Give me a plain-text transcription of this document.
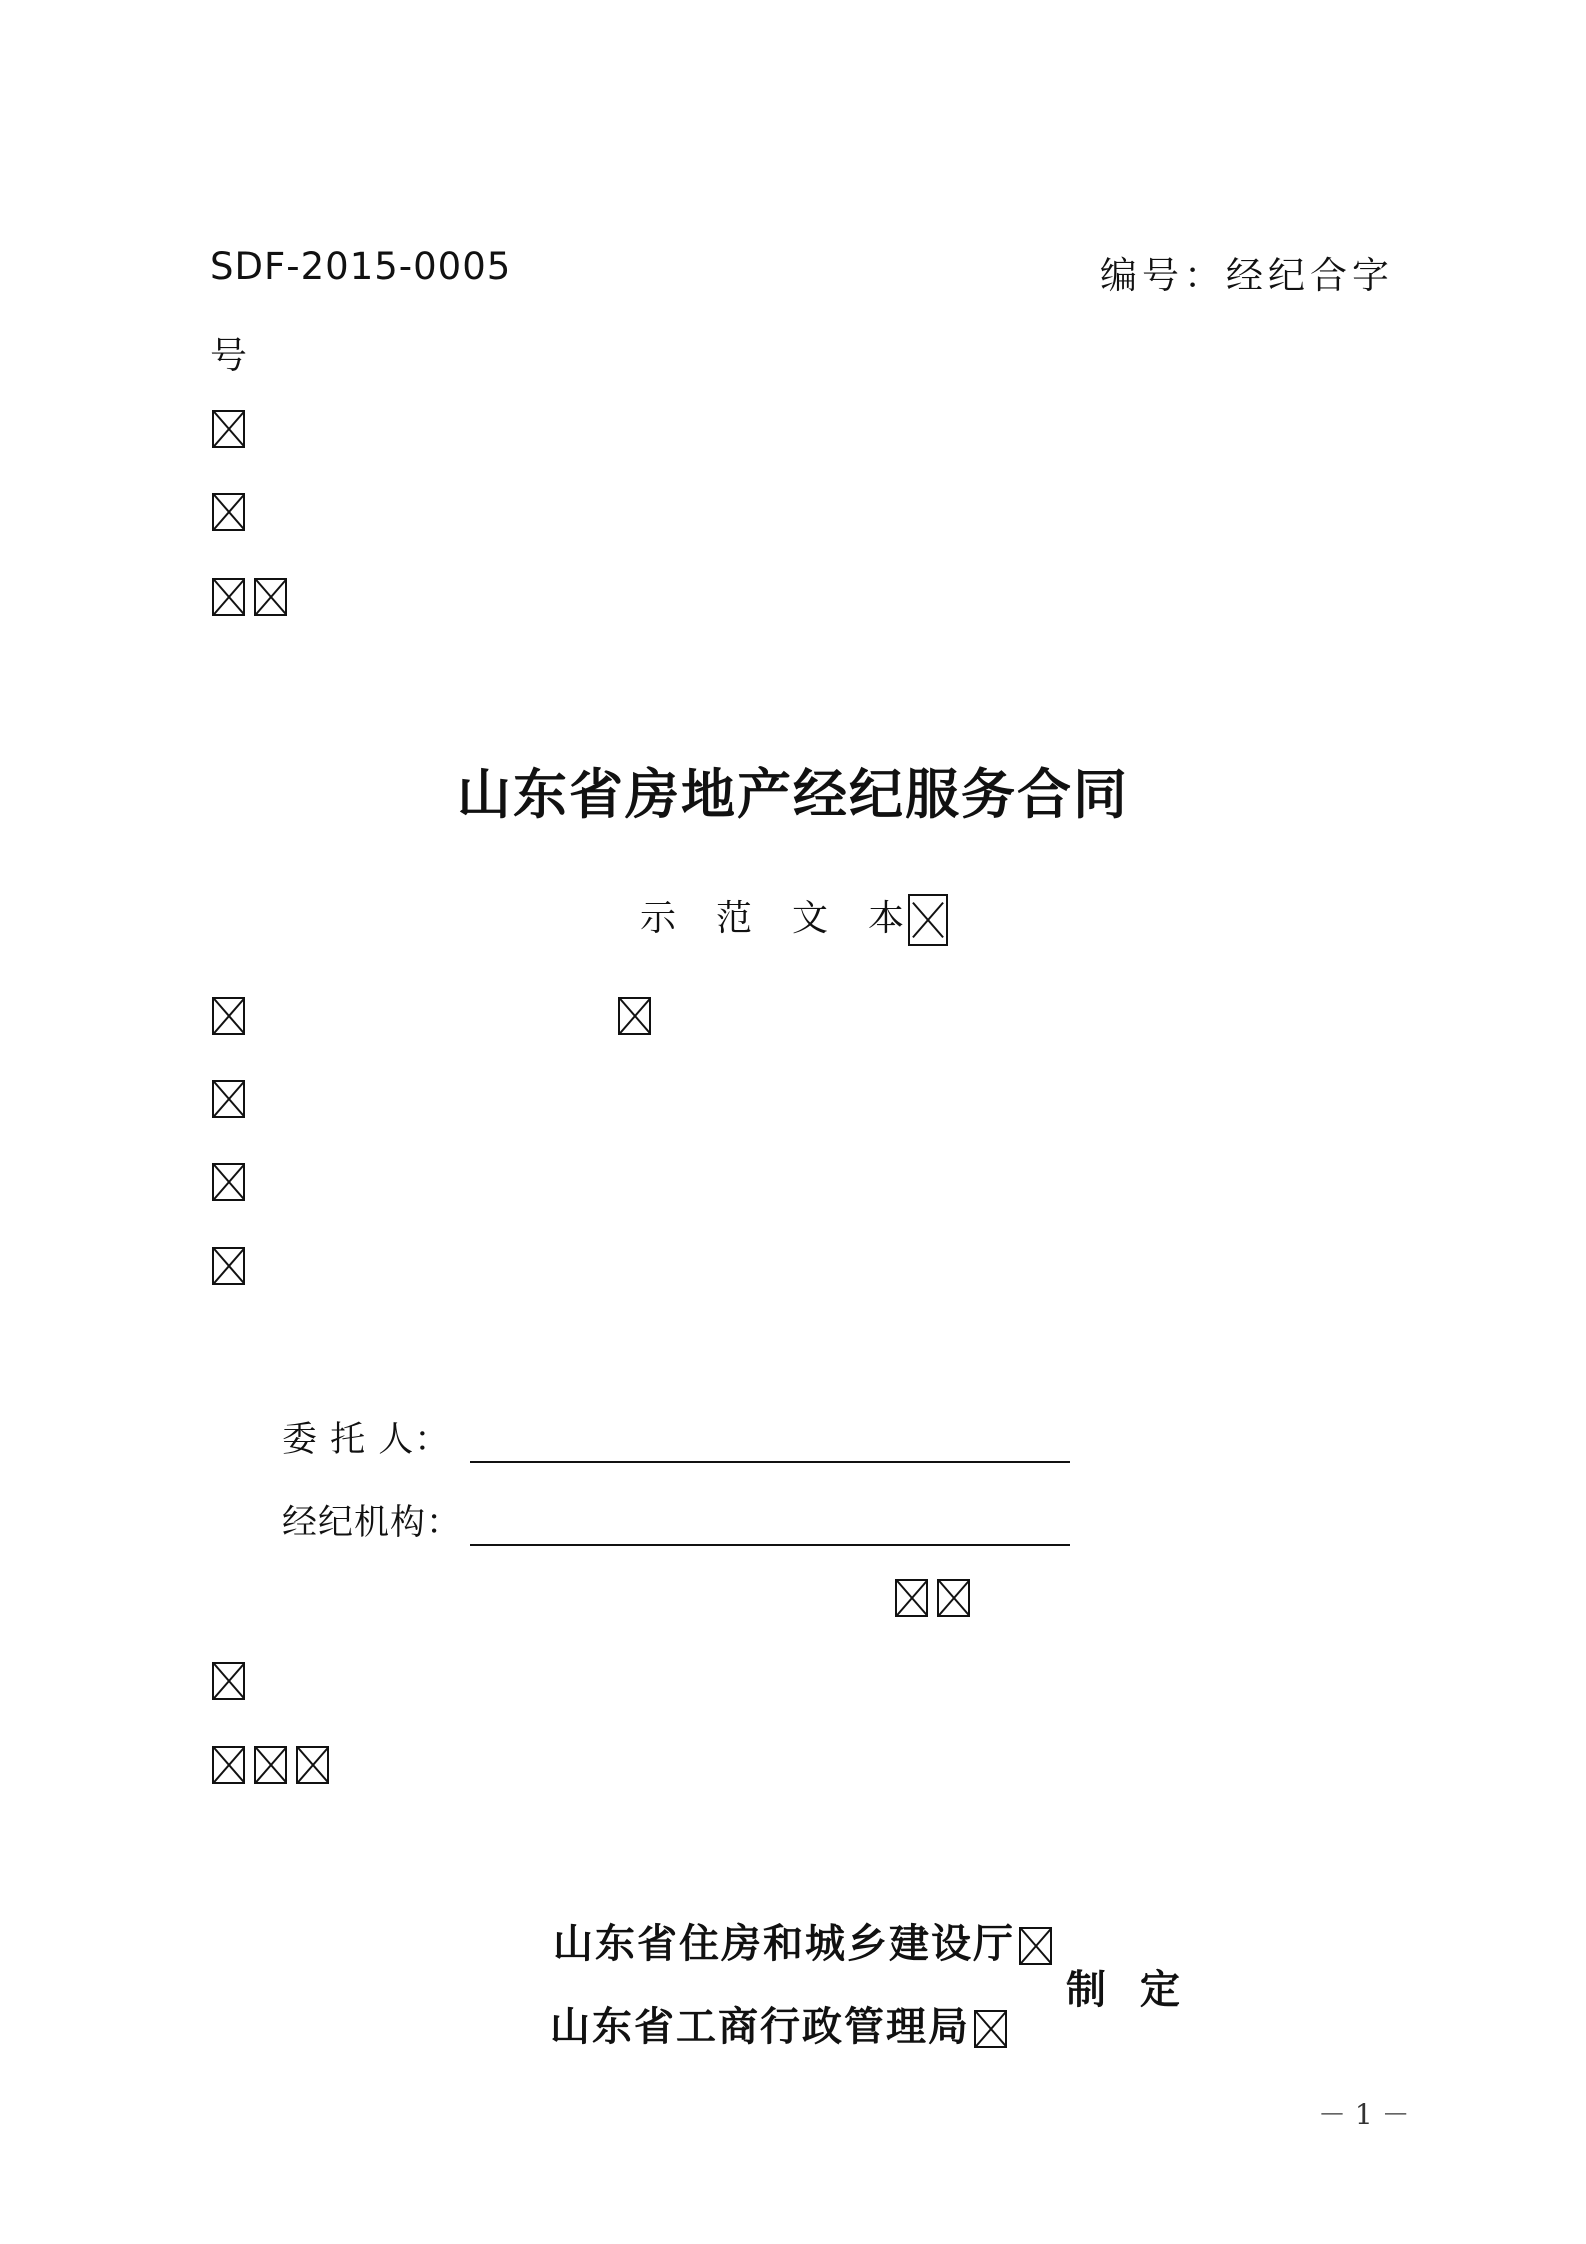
SDF-2015-0005	编号：经纪合字
号
山东省房地产经纪服务合同
示 范 文 本
委 托 人：
经纪机构：
山东省住房和城乡建设厅
山东省工商行政管理局
制 定
－ 1 －
